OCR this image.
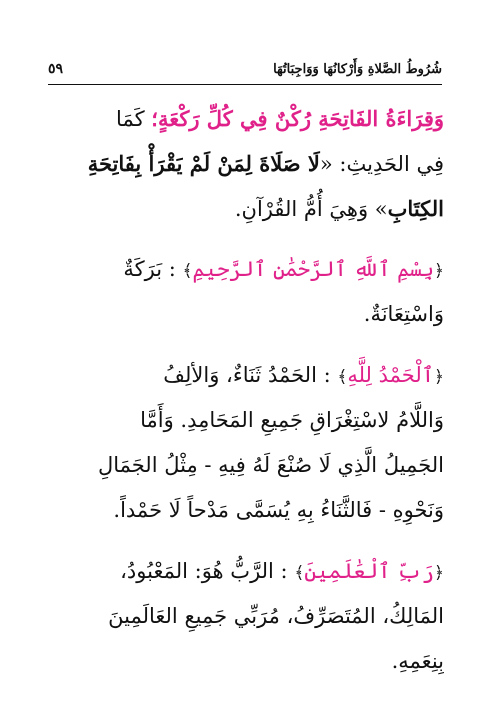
شُرُوطُ الصَّلاةِ وَأَرْكانُهَا وَوَاجِبَاتُهَا
٥٩
وَقِرَاءَةُ الفَاتِحَةِ رُكْنٌ فِي كُلِّ رَكْعَةٍ؛ كَمَا
فِي الحَدِيثِ: «لَا صَلَاةَ لِمَنْ لَمْ يَقْرَأْ بِفَاتِحَةِ
الكِتَابِ» وَهِيَ أُمُّ القُرْآنِ.
﴿بِسْمِ ٱللَّهِ ٱلرَّحْمَٰنِ ٱلرَّحِيمِ﴾ : بَرَكَةٌ
وَاسْتِعَانَةٌ.
﴿ٱلْحَمْدُ لِلَّهِ﴾ : الحَمْدُ ثَنَاءٌ، وَالألِفُ
وَاللَّامُ لاسْتِغْرَاقِ جَمِيعِ المَحَامِدِ. وَأَمَّا
الجَمِيلُ الَّذِي لَا صُنْعَ لَهُ فِيهِ - مِثْلُ الجَمَالِ
وَنَحْوِهِ - فَالثَّنَاءُ بِهِ يُسَمَّى مَدْحاً لَا حَمْداً.
﴿رَبِّ ٱلْعَٰلَمِينَ﴾ : الرَّبُّ هُوَ: المَعْبُودُ،
المَالِكُ، المُتَصَرِّفُ، مُرَبِّي جَمِيعِ العَالَمِينَ
بِنِعَمِهِ.
